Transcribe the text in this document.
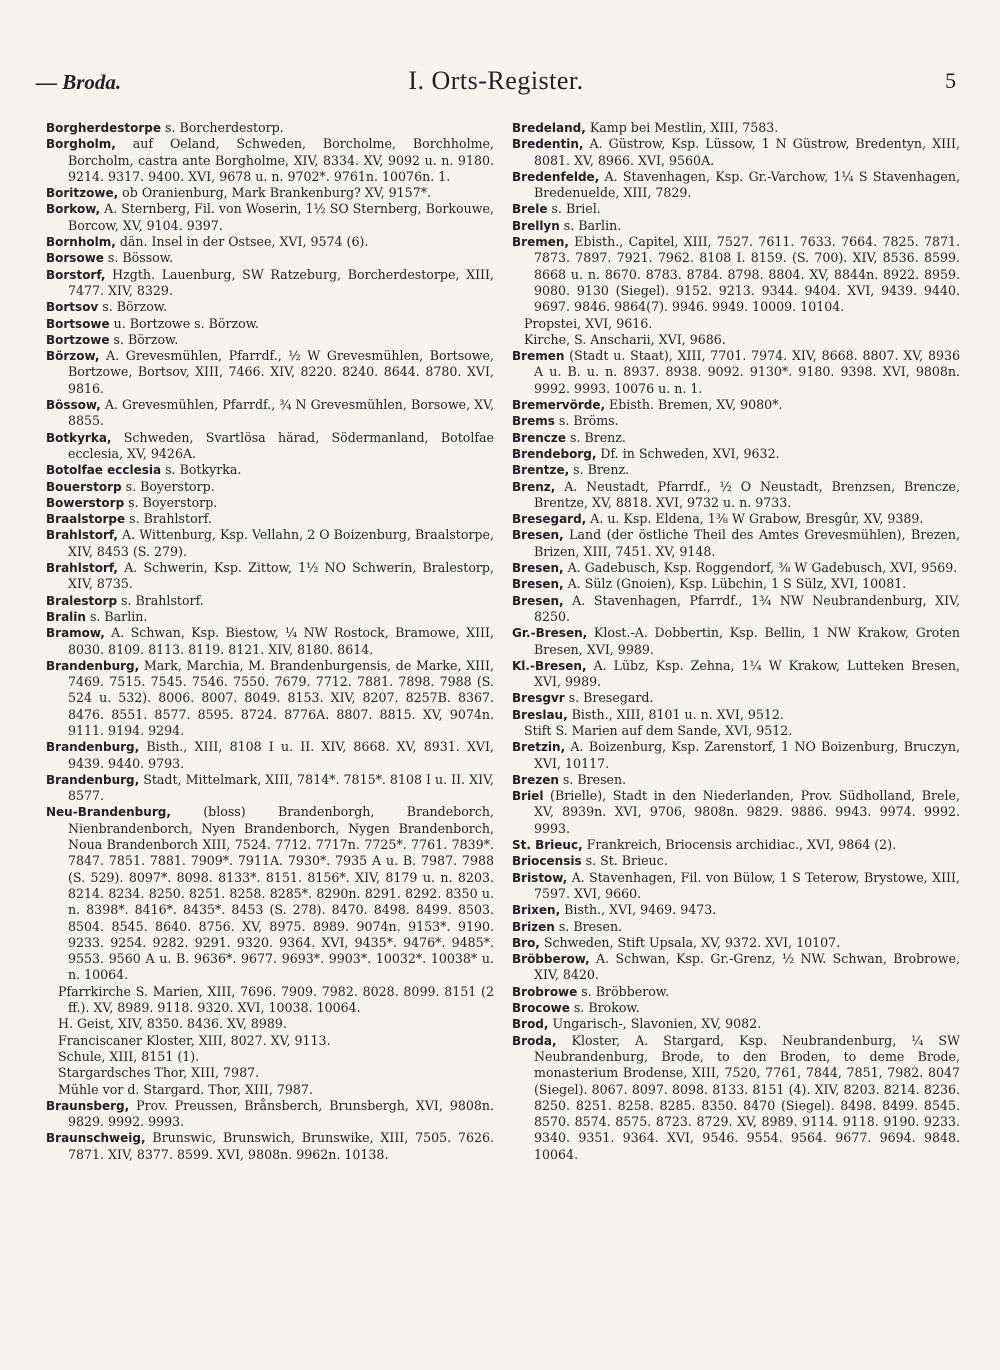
— Broda.	I. Orts-Register.	5
Borgherdestorpe s. Borcherdestorp.
Borgholm, auf Oeland, Schweden, Borcholme, Borchholme, Borcholm, castra ante Borgholme, XIV, 8334. XV, 9092 u. n. 9180. 9214. 9317. 9400. XVI, 9678 u. n. 9702*. 9761n. 10076n. 1.
Boritzowe, ob Oranienburg, Mark Brankenburg? XV, 9157*.
Borkow, A. Sternberg, Fil. von Woserin, 1½ SO Sternberg, Borkouwe, Borcow, XV, 9104. 9397.
Bornholm, dän. Insel in der Ostsee, XVI, 9574 (6).
Borsowe s. Bössow.
Borstorf, Hzgth. Lauenburg, SW Ratzeburg, Borcherdestorpe, XIII, 7477. XIV, 8329.
Bortsov s. Börzow.
Bortsowe u. Bortzowe s. Börzow.
Bortzowe s. Börzow.
Börzow, A. Grevesmühlen, Pfarrdf., ½ W Grevesmühlen, Bortsowe, Bortzowe, Bortsov, XIII, 7466. XIV, 8220. 8240. 8644. 8780. XVI, 9816.
Bössow, A. Grevesmühlen, Pfarrdf., ¾ N Grevesmühlen, Borsowe, XV, 8855.
Botkyrka, Schweden, Svartlösa härad, Södermanland, Botolfae ecclesia, XV, 9426A.
Botolfae ecclesia s. Botkyrka.
Bouerstorp s. Boyerstorp.
Bowerstorp s. Boyerstorp.
Braalstorpe s. Brahlstorf.
Brahlstorf, A. Wittenburg, Ksp. Vellahn, 2 O Boizenburg, Braalstorpe, XIV, 8453 (S. 279).
Brahlstorf, A. Schwerin, Ksp. Zittow, 1½ NO Schwerin, Bralestorp, XIV, 8735.
Bralestorp s. Brahlstorf.
Bralin s. Barlin.
Bramow, A. Schwan, Ksp. Biestow, ¼ NW Rostock, Bramowe, XIII, 8030. 8109. 8113. 8119. 8121. XIV, 8180. 8614.
Brandenburg, Mark, Marchia, M. Brandenburgensis, de Marke, XIII, 7469. 7515. 7545. 7546. 7550. 7679. 7712. 7881. 7898. 7988 (S. 524 u. 532). 8006. 8007. 8049. 8153. XIV, 8207. 8257B. 8367. 8476. 8551. 8577. 8595. 8724. 8776A. 8807. 8815. XV, 9074n. 9111. 9194. 9294.
Brandenburg, Bisth., XIII, 8108 I u. II. XIV, 8668. XV, 8931. XVI, 9439. 9440. 9793.
Brandenburg, Stadt, Mittelmark, XIII, 7814*. 7815*. 8108 I u. II. XIV, 8577.
Neu-Brandenburg, (bloss) Brandenborgh, Brandeborch, Nienbrandenborch, Nyen Brandenborch, Nygen Brandenborch, Noua Brandenborch XIII, 7524. 7712. 7717n. 7725*. 7761. 7839*. 7847. 7851. 7881. 7909*. 7911A. 7930*. 7935 A u. B. 7987. 7988 (S. 529). 8097*. 8098. 8133*. 8151. 8156*. XIV, 8179 u. n. 8203. 8214. 8234. 8250. 8251. 8258. 8285*. 8290n. 8291. 8292. 8350 u. n. 8398*. 8416*. 8435*. 8453 (S. 278). 8470. 8498. 8499. 8503. 8504. 8545. 8640. 8756. XV, 8975. 8989. 9074n. 9153*. 9190. 9233. 9254. 9282. 9291. 9320. 9364. XVI, 9435*. 9476*. 9485*. 9553. 9560 A u. B. 9636*. 9677. 9693*. 9903*. 10032*. 10038* u. n. 10064.
Pfarrkirche S. Marien, XIII, 7696. 7909. 7982. 8028. 8099. 8151 (2 ff.). XV, 8989. 9118. 9320. XVI, 10038. 10064.
H. Geist, XIV, 8350. 8436. XV, 8989.
Franciscaner Kloster, XIII, 8027. XV, 9113.
Schule, XIII, 8151 (1).
Stargardsches Thor, XIII, 7987.
Mühle vor d. Stargard. Thor, XIII, 7987.
Braunsberg, Prov. Preussen, Brånsberch, Brunsbergh, XVI, 9808n. 9829. 9992. 9993.
Braunschweig, Brunswic, Brunswich, Brunswike, XIII, 7505. 7626. 7871. XIV, 8377. 8599. XVI, 9808n. 9962n. 10138.
Bredeland, Kamp bei Mestlin, XIII, 7583.
Bredentin, A. Güstrow, Ksp. Lüssow, 1 N Güstrow, Bredentyn, XIII, 8081. XV, 8966. XVI, 9560A.
Bredenfelde, A. Stavenhagen, Ksp. Gr.-Varchow, 1¼ S Stavenhagen, Bredenuelde, XIII, 7829.
Brele s. Briel.
Brellyn s. Barlin.
Bremen, Ebisth., Capitel, XIII, 7527. 7611. 7633. 7664. 7825. 7871. 7873. 7897. 7921. 7962. 8108 I. 8159. (S. 700). XIV, 8536. 8599. 8668 u. n. 8670. 8783. 8784. 8798. 8804. XV, 8844n. 8922. 8959. 9080. 9130 (Siegel). 9152. 9213. 9344. 9404. XVI, 9439. 9440. 9697. 9846. 9864(7). 9946. 9949. 10009. 10104.
Propstei, XVI, 9616.
Kirche, S. Anscharii, XVI, 9686.
Bremen (Stadt u. Staat), XIII, 7701. 7974. XIV, 8668. 8807. XV, 8936 A u. B. u. n. 8937. 8938. 9092. 9130*. 9180. 9398. XVI, 9808n. 9992. 9993. 10076 u. n. 1.
Bremervörde, Ebisth. Bremen, XV, 9080*.
Brems s. Bröms.
Brencze s. Brenz.
Brendeborg, Df. in Schweden, XVI, 9632.
Brentze, s. Brenz.
Brenz, A. Neustadt, Pfarrdf., ½ O Neustadt, Brenzsen, Brencze, Brentze, XV, 8818. XVI, 9732 u. n. 9733.
Bresegard, A. u. Ksp. Eldena, 1⅜ W Grabow, Bresgûr, XV, 9389.
Bresen, Land (der östliche Theil des Amtes Grevesmühlen), Brezen, Brizen, XIII, 7451. XV, 9148.
Bresen, A. Gadebusch, Ksp. Roggendorf, ⅜ W Gadebusch, XVI, 9569.
Bresen, A. Sülz (Gnoien), Ksp. Lübchin, 1 S Sülz, XVI, 10081.
Bresen, A. Stavenhagen, Pfarrdf., 1¾ NW Neubrandenburg, XIV, 8250.
Gr.-Bresen, Klost.-A. Dobbertin, Ksp. Bellin, 1 NW Krakow, Groten Bresen, XVI, 9989.
Kl.-Bresen, A. Lübz, Ksp. Zehna, 1¼ W Krakow, Lutteken Bresen, XVI, 9989.
Bresgvr s. Bresegard.
Breslau, Bisth., XIII, 8101 u. n. XVI, 9512.
Stift S. Marien auf dem Sande, XVI, 9512.
Bretzin, A. Boizenburg, Ksp. Zarenstorf, 1 NO Boizenburg, Bruczyn, XVI, 10117.
Brezen s. Bresen.
Briel (Brielle), Stadt in den Niederlanden, Prov. Südholland, Brele, XV, 8939n. XVI, 9706, 9808n. 9829. 9886. 9943. 9974. 9992. 9993.
St. Brieuc, Frankreich, Briocensis archidiac., XVI, 9864 (2).
Briocensis s. St. Brieuc.
Bristow, A. Stavenhagen, Fil. von Bülow, 1 S Teterow, Brystowe, XIII, 7597. XVI, 9660.
Brixen, Bisth., XVI, 9469. 9473.
Brizen s. Bresen.
Bro, Schweden, Stift Upsala, XV, 9372. XVI, 10107.
Bröbberow, A. Schwan, Ksp. Gr.-Grenz, ½ NW. Schwan, Brobrowe, XIV, 8420.
Brobrowe s. Bröbberow.
Brocowe s. Brokow.
Brod, Ungarisch-, Slavonien, XV, 9082.
Broda, Kloster, A. Stargard, Ksp. Neubrandenburg, ¼ SW Neubrandenburg, Brode, to den Broden, to deme Brode, monasterium Brodense, XIII, 7520, 7761, 7844, 7851, 7982. 8047 (Siegel). 8067. 8097. 8098. 8133. 8151 (4). XIV, 8203. 8214. 8236. 8250. 8251. 8258. 8285. 8350. 8470 (Siegel). 8498. 8499. 8545. 8570. 8574. 8575. 8723. 8729. XV, 8989. 9114. 9118. 9190. 9233. 9340. 9351. 9364. XVI, 9546. 9554. 9564. 9677. 9694. 9848. 10064.
